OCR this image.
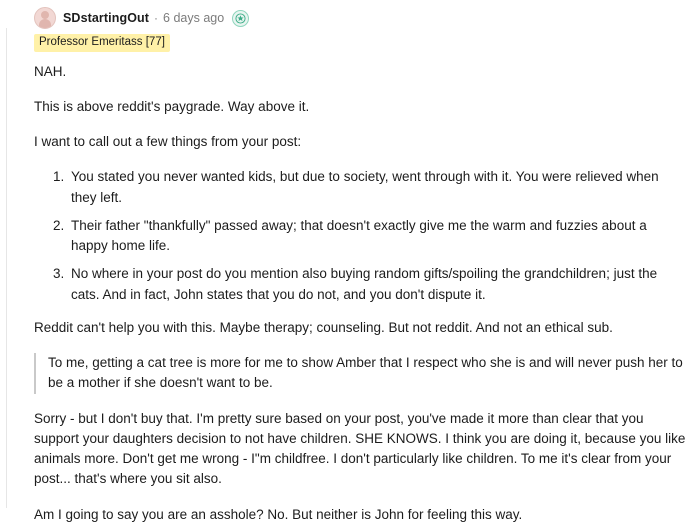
SDstartingOut · 6 days ago
Professor Emeritass [77]

NAH.

This is above reddit's paygrade. Way above it.

I want to call out a few things from your post:

1. You stated you never wanted kids, but due to society, went through with it. You were relieved when they left.
2. Their father "thankfully" passed away; that doesn't exactly give me the warm and fuzzies about a happy home life.
3. No where in your post do you mention also buying random gifts/spoiling the grandchildren; just the cats. And in fact, John states that you do not, and you don't dispute it.

Reddit can't help you with this. Maybe therapy; counseling. But not reddit. And not an ethical sub.

To me, getting a cat tree is more for me to show Amber that I respect who she is and will never push her to be a mother if she doesn't want to be.

Sorry - but I don't buy that. I'm pretty sure based on your post, you've made it more than clear that you support your daughters decision to not have children. SHE KNOWS. I think you are doing it, because you like animals more. Don't get me wrong - I"m childfree. I don't particularly like children. To me it's clear from your post... that's where you sit also.

Am I going to say you are an asshole? No. But neither is John for feeling this way.
